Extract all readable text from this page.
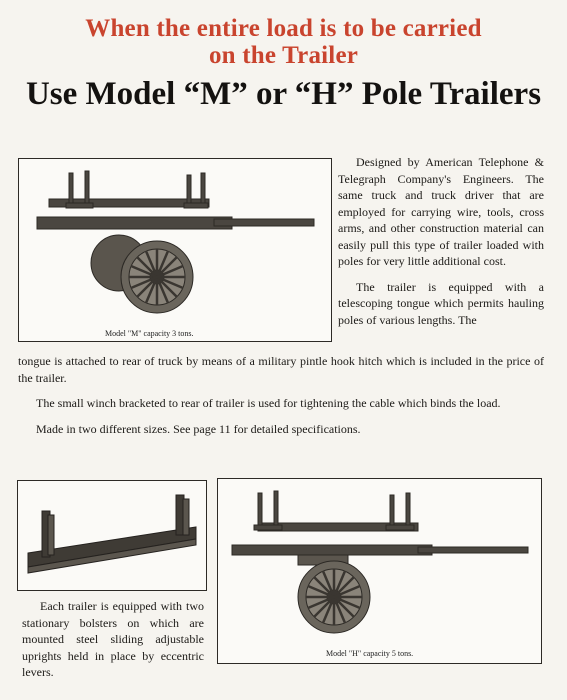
When the entire load is to be carried
on the Trailer
Use Model “M” or “H” Pole Trailers
Model "M" capacity 3 tons.

Designed by American Telephone & Telegraph Company's Engineers. The same truck and truck driver that are employed for carrying wire, tools, cross arms, and other construction material can easily pull this type of trailer loaded with poles for very little additional cost.

The trailer is equipped with a telescoping tongue which permits hauling poles of various lengths. The

tongue is attached to rear of truck by means of a military pintle hook hitch which is included in the price of the trailer.

The small winch bracketed to rear of trailer is used for tightening the cable which binds the load.

Made in two different sizes. See page 11 for detailed specifications.

Each trailer is equipped with two stationary bolsters on which are mounted steel sliding adjustable uprights held in place by eccentric levers.

Model "H" capacity 5 tons.
